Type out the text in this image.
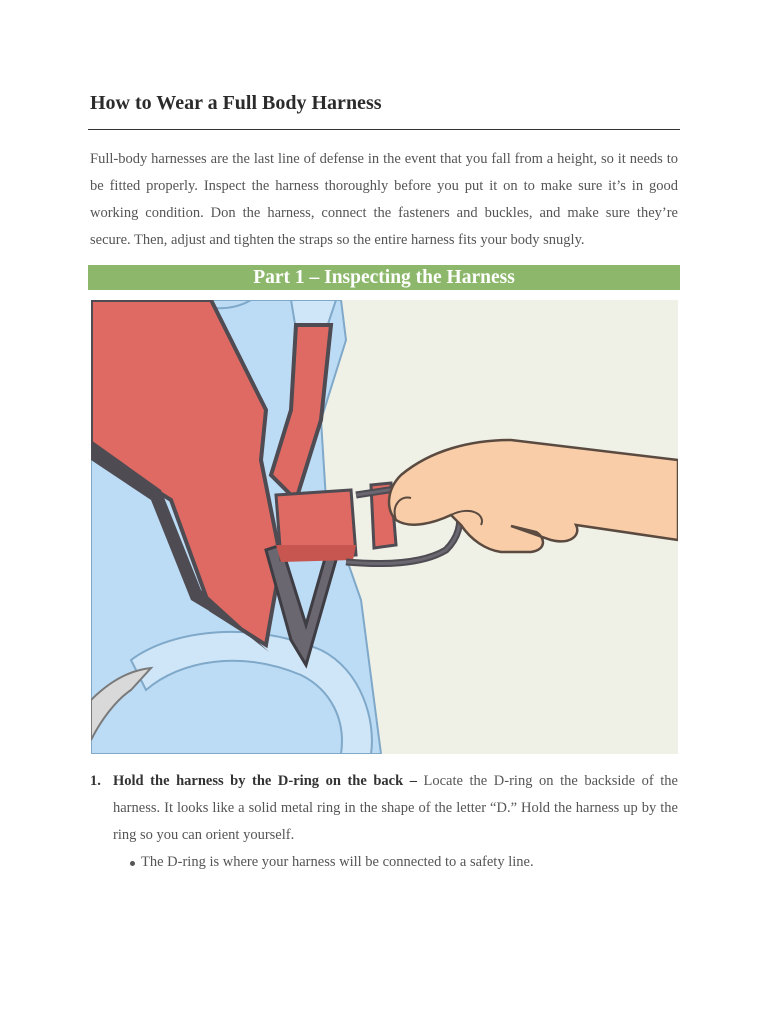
How to Wear a Full Body Harness

Full-body harnesses are the last line of defense in the event that you fall from a height, so it needs to be fitted properly. Inspect the harness thoroughly before you put it on to make sure it’s in good working condition. Don the harness, connect the fasteners and buckles, and make sure they’re secure. Then, adjust and tighten the straps so the entire harness fits your body snugly.

Part 1 – Inspecting the Harness
1. Hold the harness by the D-ring on the back – Locate the D-ring on the backside of the harness. It looks like a solid metal ring in the shape of the letter “D.” Hold the harness up by the ring so you can orient yourself.
The D-ring is where your harness will be connected to a safety line.
